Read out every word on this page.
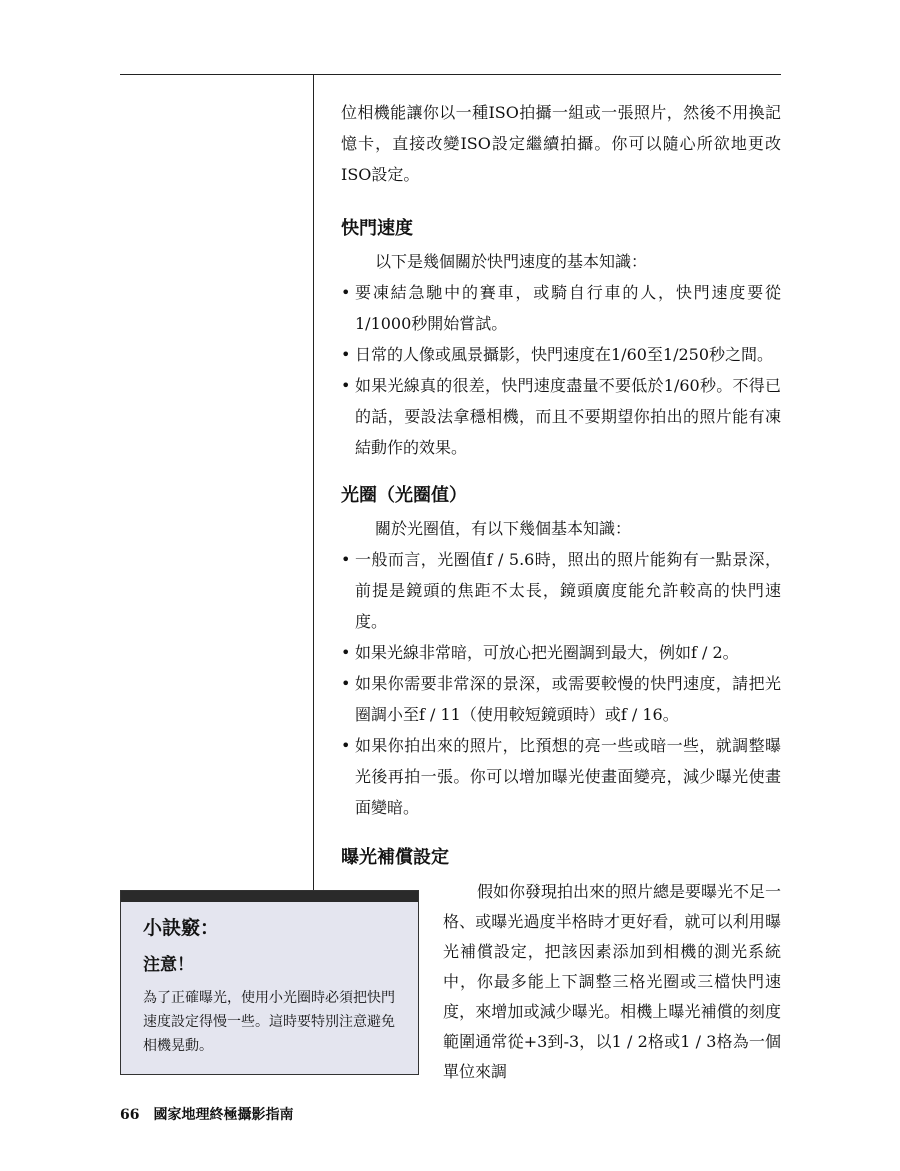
位相機能讓你以一種ISO拍攝一組或一張照片，然後不用換記憶卡，直接改變ISO設定繼續拍攝。你可以隨心所欲地更改ISO設定。

快門速度

以下是幾個關於快門速度的基本知識：

• 要凍結急馳中的賽車，或騎自行車的人，快門速度要從1/1000秒開始嘗試。
• 日常的人像或風景攝影，快門速度在1/60至1/250秒之間。
• 如果光線真的很差，快門速度盡量不要低於1/60秒。不得已的話，要設法拿穩相機，而且不要期望你拍出的照片能有凍結動作的效果。
光圈（光圈值）

關於光圈值，有以下幾個基本知識：

• 一般而言，光圈值f / 5.6時，照出的照片能夠有一點景深，前提是鏡頭的焦距不太長，鏡頭廣度能允許較高的快門速度。
• 如果光線非常暗，可放心把光圈調到最大，例如f / 2。
• 如果你需要非常深的景深，或需要較慢的快門速度，請把光圈調小至f / 11（使用較短鏡頭時）或f / 16。
• 如果你拍出來的照片，比預想的亮一些或暗一些，就調整曝光後再拍一張。你可以增加曝光使畫面變亮，減少曝光使畫面變暗。
曝光補償設定

假如你發現拍出來的照片總是要曝光不足一格、或曝光過度半格時才更好看，就可以利用曝光補償設定，把該因素添加到相機的測光系統中，你最多能上下調整三格光圈或三檔快門速度，來增加或減少曝光。相機上曝光補償的刻度範圍通常從+3到-3，以1 / 2格或1 / 3格為一個單位來調

小訣竅：
注意！
為了正確曝光，使用小光圈時必須把快門速度設定得慢一些。這時要特別注意避免相機晃動。
66 國家地理終極攝影指南
